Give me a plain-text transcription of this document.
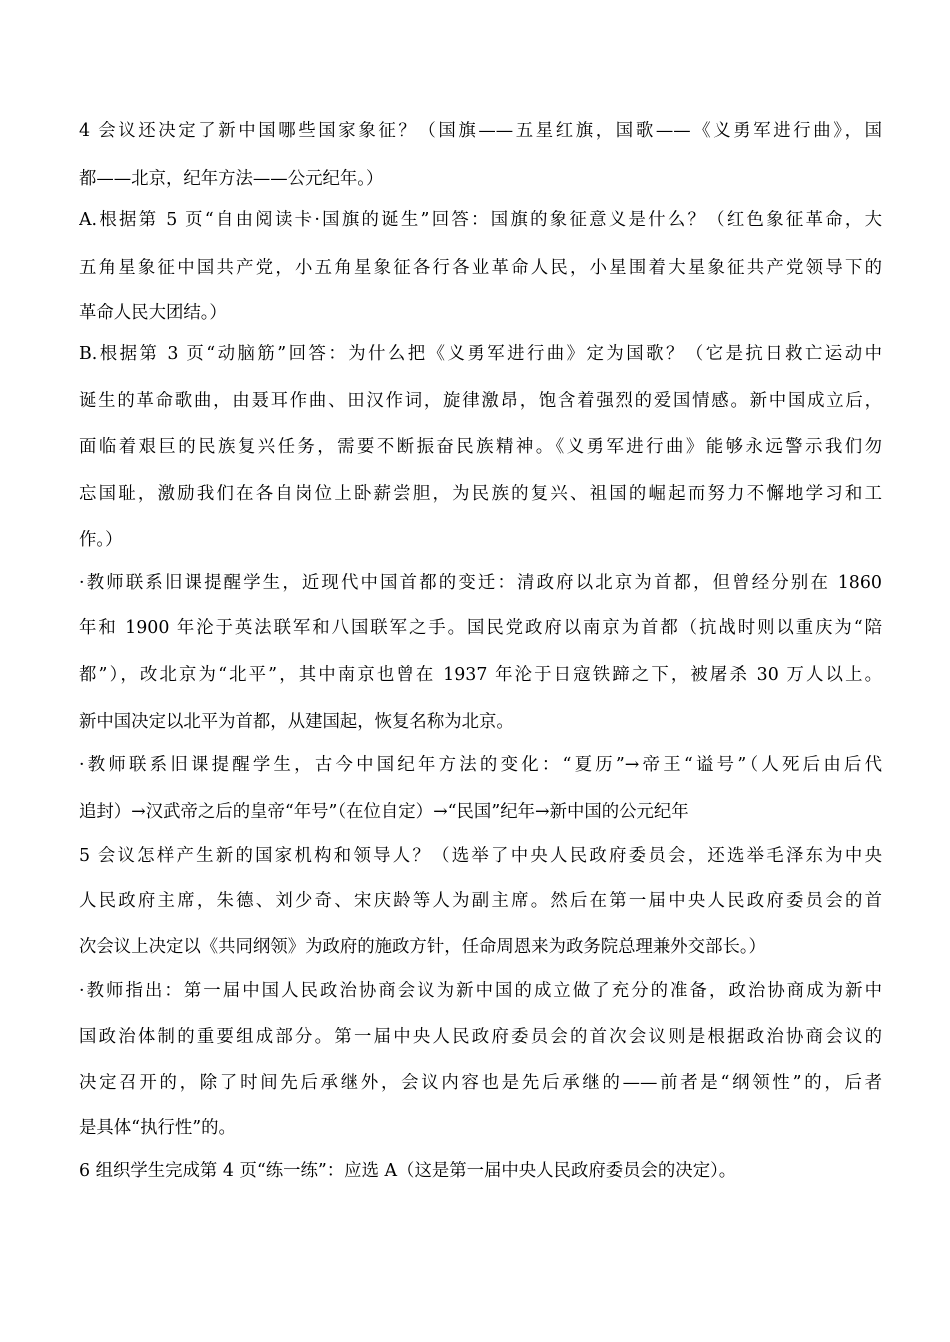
4 会议还决定了新中国哪些国家象征？（国旗——五星红旗，国歌——《义勇军进行曲》，国
都——北京，纪年方法——公元纪年。）
A.根据第 5 页“自由阅读卡·国旗的诞生”回答：国旗的象征意义是什么？（红色象征革命，大
五角星象征中国共产党，小五角星象征各行各业革命人民，小星围着大星象征共产党领导下的
革命人民大团结。）
B.根据第 3 页“动脑筋”回答：为什么把《义勇军进行曲》定为国歌？（它是抗日救亡运动中
诞生的革命歌曲，由聂耳作曲、田汉作词，旋律激昂，饱含着强烈的爱国情感。新中国成立后，
面临着艰巨的民族复兴任务，需要不断振奋民族精神。《义勇军进行曲》能够永远警示我们勿
忘国耻，激励我们在各自岗位上卧薪尝胆，为民族的复兴、祖国的崛起而努力不懈地学习和工
作。）
·教师联系旧课提醒学生，近现代中国首都的变迁：清政府以北京为首都，但曾经分别在 1860
年和 1900 年沦于英法联军和八国联军之手。国民党政府以南京为首都（抗战时则以重庆为“陪
都”），改北京为“北平”，其中南京也曾在 1937 年沦于日寇铁蹄之下，被屠杀 30 万人以上。
新中国决定以北平为首都，从建国起，恢复名称为北京。
·教师联系旧课提醒学生，古今中国纪年方法的变化：“夏历”→帝王“谥号”（人死后由后代
追封）→汉武帝之后的皇帝“年号”（在位自定）→“民国”纪年→新中国的公元纪年
5 会议怎样产生新的国家机构和领导人？（选举了中央人民政府委员会，还选举毛泽东为中央
人民政府主席，朱德、刘少奇、宋庆龄等人为副主席。然后在第一届中央人民政府委员会的首
次会议上决定以《共同纲领》为政府的施政方针，任命周恩来为政务院总理兼外交部长。）
·教师指出：第一届中国人民政治协商会议为新中国的成立做了充分的准备，政治协商成为新中
国政治体制的重要组成部分。第一届中央人民政府委员会的首次会议则是根据政治协商会议的
决定召开的，除了时间先后承继外，会议内容也是先后承继的——前者是“纲领性”的，后者
是具体“执行性”的。
6 组织学生完成第 4 页“练一练”：应选 A（这是第一届中央人民政府委员会的决定）。
